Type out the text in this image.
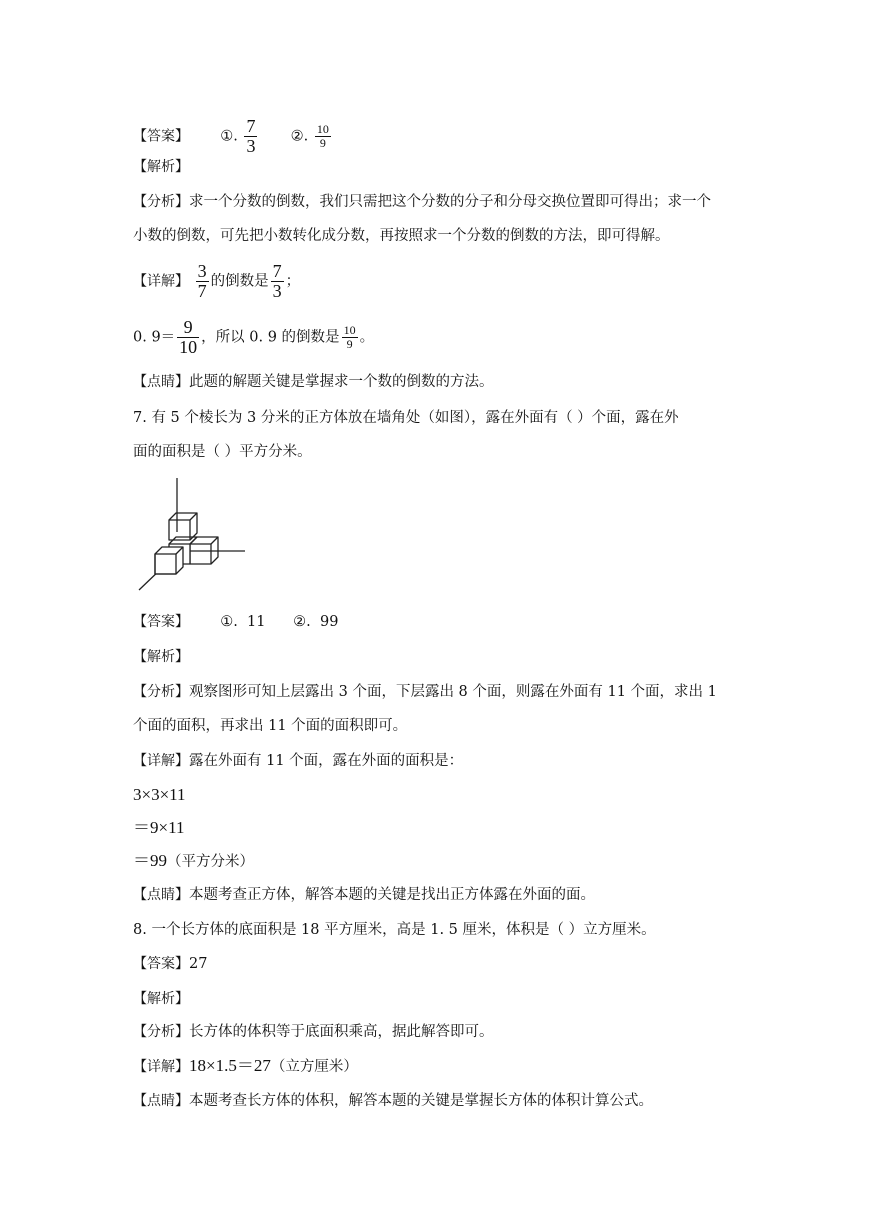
【答案】 ①. $\frac{7}{3}$ ②. $\frac{10}{9}$
【解析】
【分析】求一个分数的倒数，我们只需把这个分数的分子和分母交换位置即可得出；求一个
小数的倒数，可先把小数转化成分数，再按照求一个分数的倒数的方法，即可得解。
【详解】 $\frac{3}{7}$ 的倒数是 $\frac{7}{3}$ ；
0. $9= \frac{9}{10}$ ，所以 0. 9 的倒数是 $\frac{10}{9}$ 。
【点睛】此题的解题关键是掌握求一个数的倒数的方法。
7. 有 5 个棱长为 3 分米的正方体放在墙角处（如图），露在外面有（ ）个面，露在外
面的面积是（ ）平方分米。
【答案】 ①.  11      ②.  99
【解析】
【分析】观察图形可知上层露出 3 个面，下层露出 8 个面，则露在外面有 11 个面，求出 1
个面的面积，再求出 11 个面的面积即可。
【详解】露在外面有 11 个面，露在外面的面积是：
3×3×11
＝9×11
＝99（平方分米）
【点睛】本题考查正方体，解答本题的关键是找出正方体露在外面的面。
8. 一个长方体的底面积是 18 平方厘米，高是 1. 5 厘米，体积是（ ）立方厘米。
【答案】27
【解析】
【分析】长方体的体积等于底面积乘高，据此解答即可。
【详解】18×1.5＝27（立方厘米）
【点睛】本题考查长方体的体积，解答本题的关键是掌握长方体的体积计算公式。
